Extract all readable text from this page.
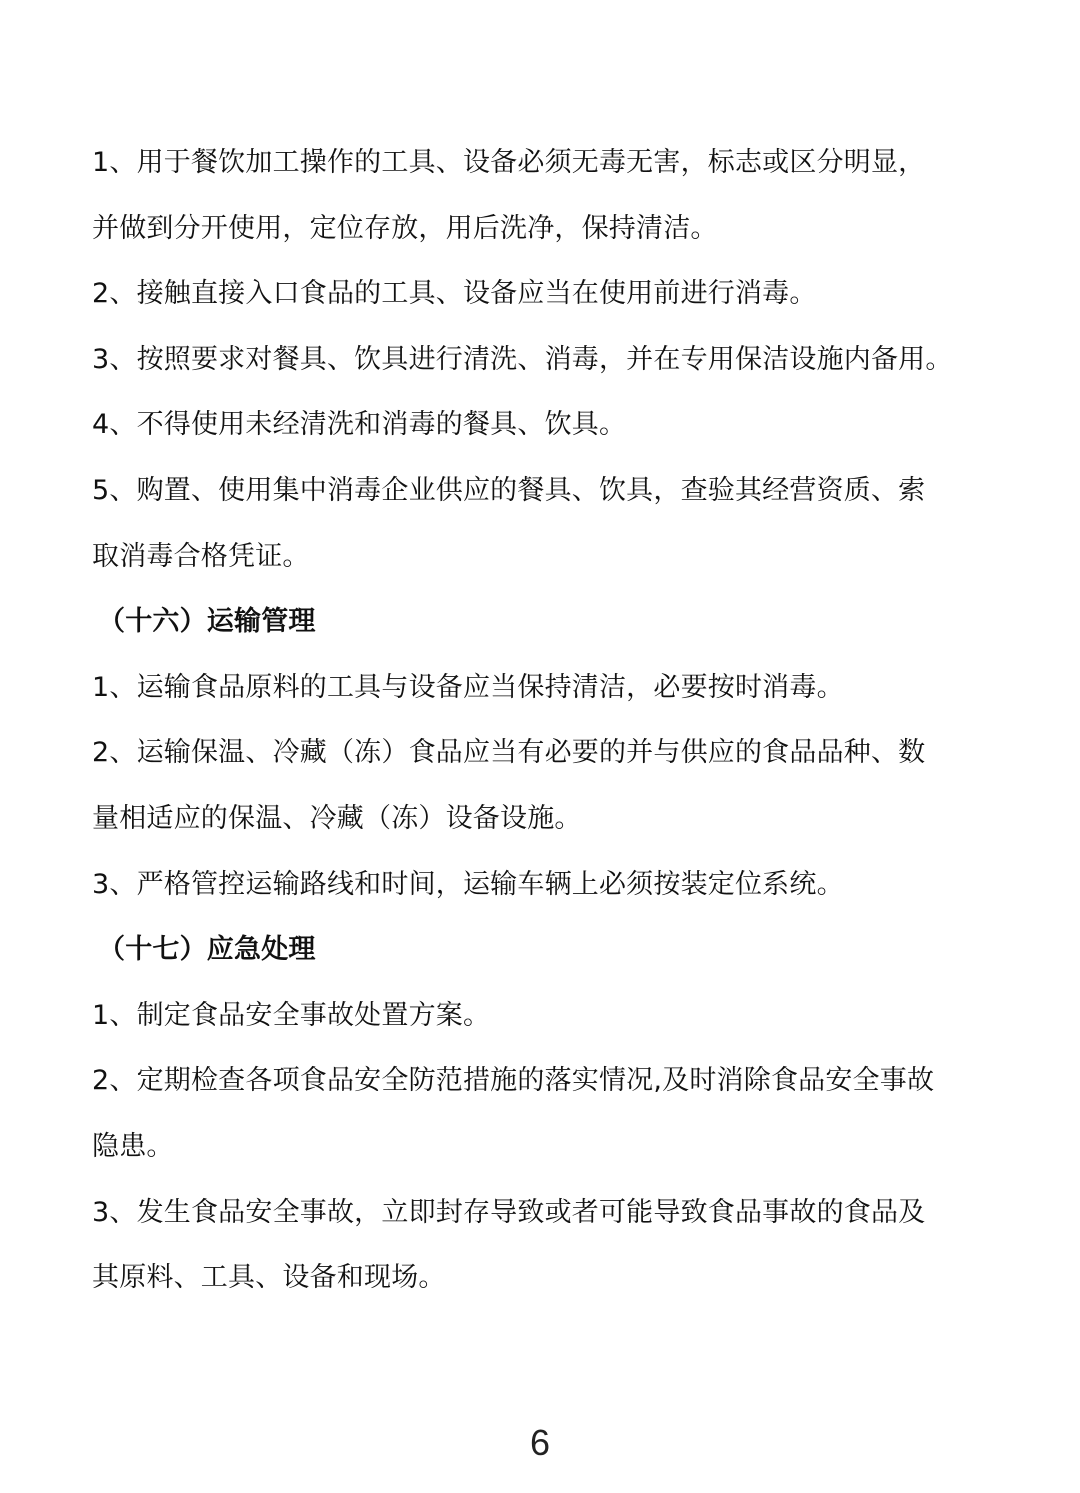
1、用于餐饮加工操作的工具、设备必须无毒无害，标志或区分明显，
并做到分开使用，定位存放，用后洗净，保持清洁。
2、接触直接入口食品的工具、设备应当在使用前进行消毒。
3、按照要求对餐具、饮具进行清洗、消毒，并在专用保洁设施内备用。
4、不得使用未经清洗和消毒的餐具、饮具。
5、购置、使用集中消毒企业供应的餐具、饮具，查验其经营资质、索
取消毒合格凭证。
（十六）运输管理
1、运输食品原料的工具与设备应当保持清洁，必要按时消毒。
2、运输保温、冷藏（冻）食品应当有必要的并与供应的食品品种、数
量相适应的保温、冷藏（冻）设备设施。
3、严格管控运输路线和时间，运输车辆上必须按装定位系统。
（十七）应急处理
1、制定食品安全事故处置方案。
2、定期检查各项食品安全防范措施的落实情况,及时消除食品安全事故
隐患。
3、发生食品安全事故，立即封存导致或者可能导致食品事故的食品及
其原料、工具、设备和现场。
6
